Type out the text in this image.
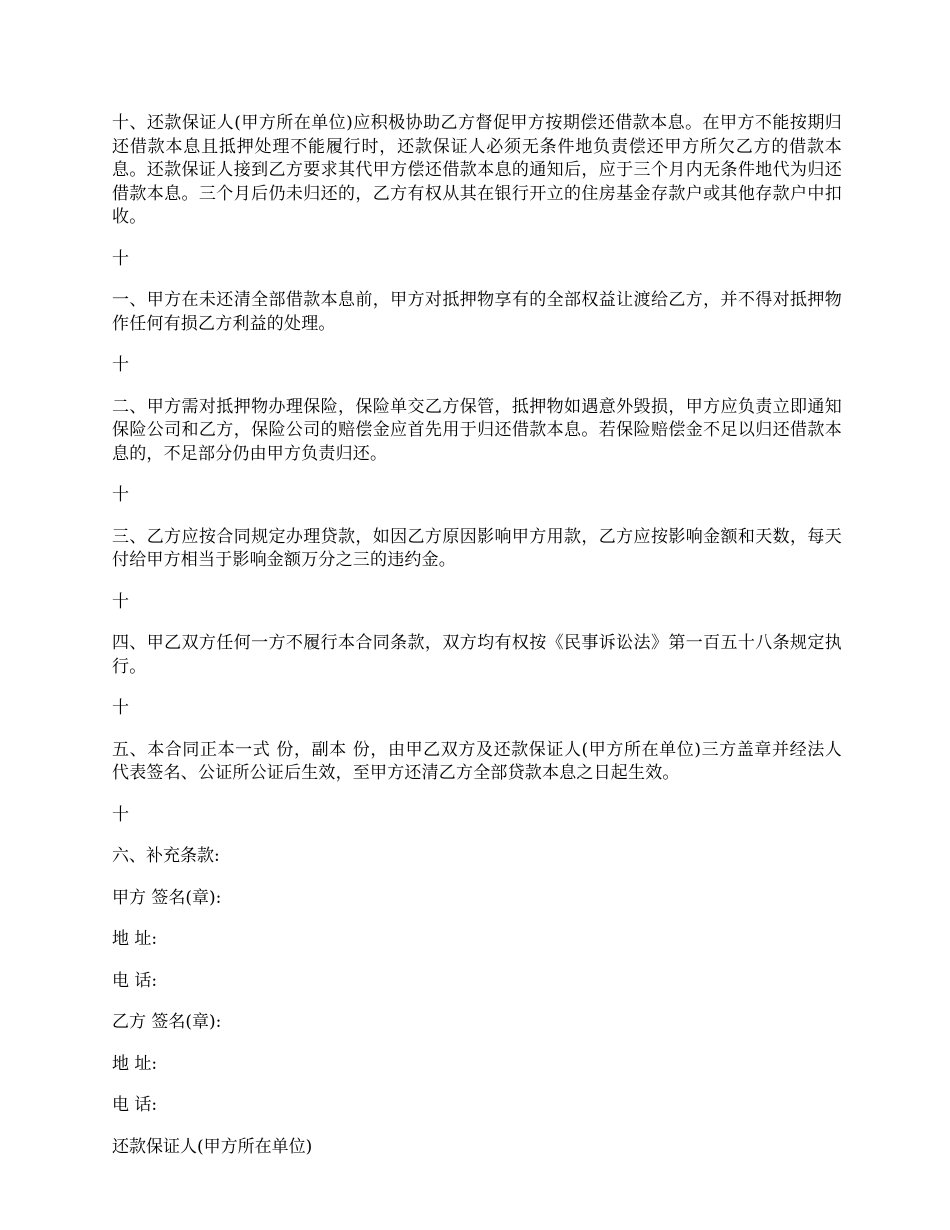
十、还款保证人(甲方所在单位)应积极协助乙方督促甲方按期偿还借款本息。在甲方不能按期归还借款本息且抵押处理不能履行时，还款保证人必须无条件地负责偿还甲方所欠乙方的借款本息。还款保证人接到乙方要求其代甲方偿还借款本息的通知后，应于三个月内无条件地代为归还借款本息。三个月后仍未归还的，乙方有权从其在银行开立的住房基金存款户或其他存款户中扣收。

十

一、甲方在未还清全部借款本息前，甲方对抵押物享有的全部权益让渡给乙方，并不得对抵押物作任何有损乙方利益的处理。

十

二、甲方需对抵押物办理保险，保险单交乙方保管，抵押物如遇意外毁损，甲方应负责立即通知保险公司和乙方，保险公司的赔偿金应首先用于归还借款本息。若保险赔偿金不足以归还借款本息的，不足部分仍由甲方负责归还。

十

三、乙方应按合同规定办理贷款，如因乙方原因影响甲方用款，乙方应按影响金额和天数，每天付给甲方相当于影响金额万分之三的违约金。

十

四、甲乙双方任何一方不履行本合同条款，双方均有权按《民事诉讼法》第一百五十八条规定执行。

十

五、本合同正本一式 份，副本 份，由甲乙双方及还款保证人(甲方所在单位)三方盖章并经法人代表签名、公证所公证后生效，至甲方还清乙方全部贷款本息之日起生效。

十

六、补充条款:

甲方 签名(章):

地 址:

电 话:

乙方 签名(章):

地 址:

电 话:

还款保证人(甲方所在单位)
